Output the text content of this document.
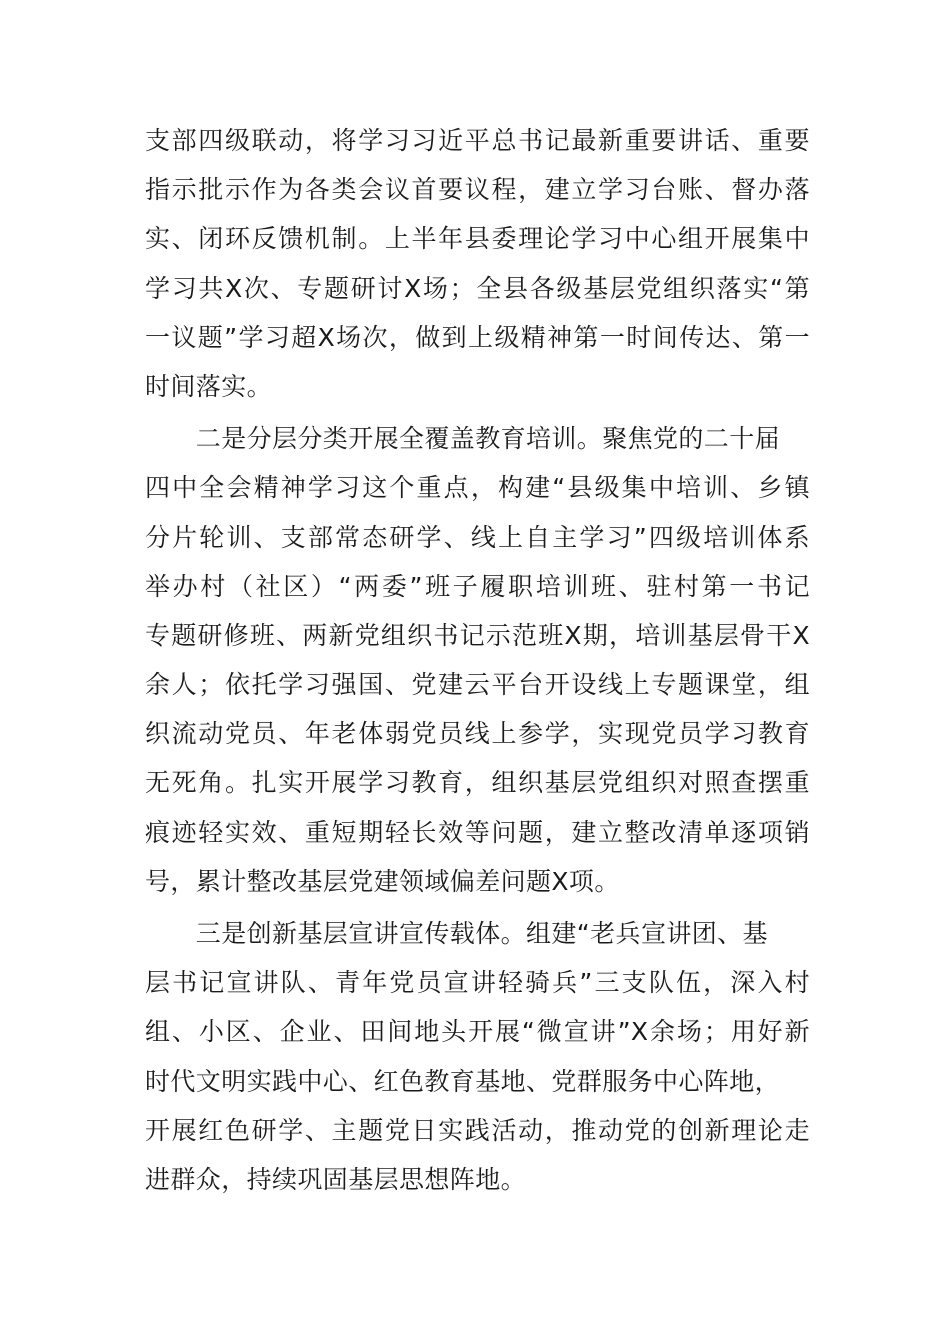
支部四级联动，将学习习近平总书记最新重要讲话、重要
指示批示作为各类会议首要议程，建立学习台账、督办落
实、闭环反馈机制。上半年县委理论学习中心组开展集中
学习共X次、专题研讨X场；全县各级基层党组织落实“第
一议题”学习超X场次，做到上级精神第一时间传达、第一
时间落实。
　　二是分层分类开展全覆盖教育培训。聚焦党的二十届
四中全会精神学习这个重点，构建“县级集中培训、乡镇
分片轮训、支部常态研学、线上自主学习”四级培训体系
举办村（社区）“两委”班子履职培训班、驻村第一书记
专题研修班、两新党组织书记示范班X期，培训基层骨干X
余人；依托学习强国、党建云平台开设线上专题课堂，组
织流动党员、年老体弱党员线上参学，实现党员学习教育
无死角。扎实开展学习教育，组织基层党组织对照查摆重
痕迹轻实效、重短期轻长效等问题，建立整改清单逐项销
号，累计整改基层党建领域偏差问题X项。
　　三是创新基层宣讲宣传载体。组建“老兵宣讲团、基
层书记宣讲队、青年党员宣讲轻骑兵”三支队伍，深入村
组、小区、企业、田间地头开展“微宣讲”X余场；用好新
时代文明实践中心、红色教育基地、党群服务中心阵地，
开展红色研学、主题党日实践活动，推动党的创新理论走
进群众，持续巩固基层思想阵地。
